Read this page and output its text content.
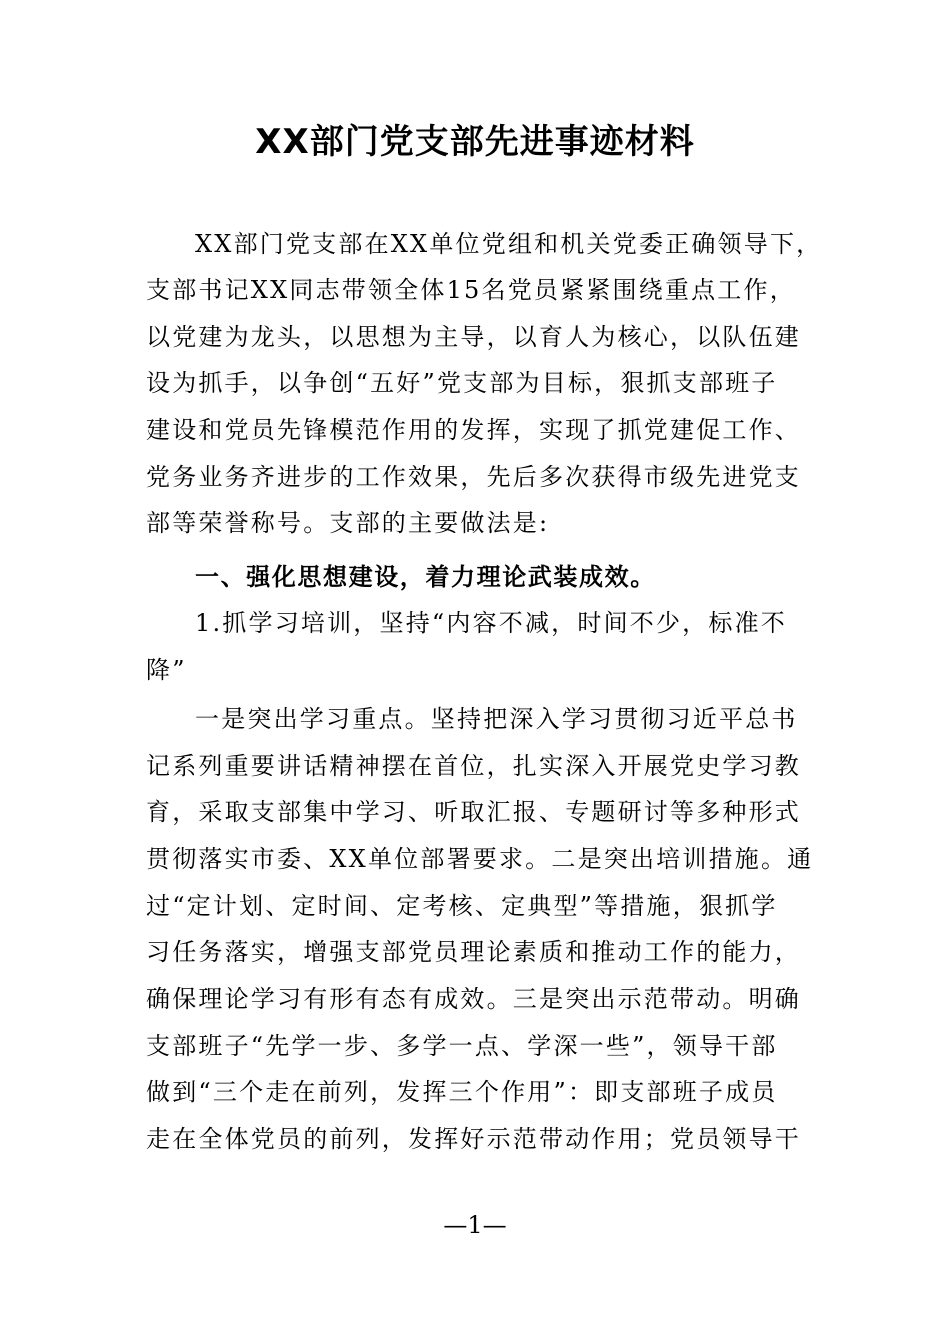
XX部门党支部先进事迹材料
XX部门党支部在XX单位党组和机关党委正确领导下，
支部书记XX同志带领全体15名党员紧紧围绕重点工作，
以党建为龙头，以思想为主导，以育人为核心，以队伍建
设为抓手，以争创“五好”党支部为目标，狠抓支部班子
建设和党员先锋模范作用的发挥，实现了抓党建促工作、
党务业务齐进步的工作效果，先后多次获得市级先进党支
部等荣誉称号。支部的主要做法是:
一、强化思想建设，着力理论武装成效。
1.抓学习培训，坚持“内容不减，时间不少，标准不
降”
一是突出学习重点。坚持把深入学习贯彻习近平总书
记系列重要讲话精神摆在首位，扎实深入开展党史学习教
育，采取支部集中学习、听取汇报、专题研讨等多种形式
贯彻落实市委、XX单位部署要求。二是突出培训措施。通
过“定计划、定时间、定考核、定典型”等措施，狠抓学
习任务落实，增强支部党员理论素质和推动工作的能力，
确保理论学习有形有态有成效。三是突出示范带动。明确
支部班子“先学一步、多学一点、学深一些”，领导干部
做到“三个走在前列，发挥三个作用”：即支部班子成员
走在全体党员的前列，发挥好示范带动作用；党员领导干
—1—
